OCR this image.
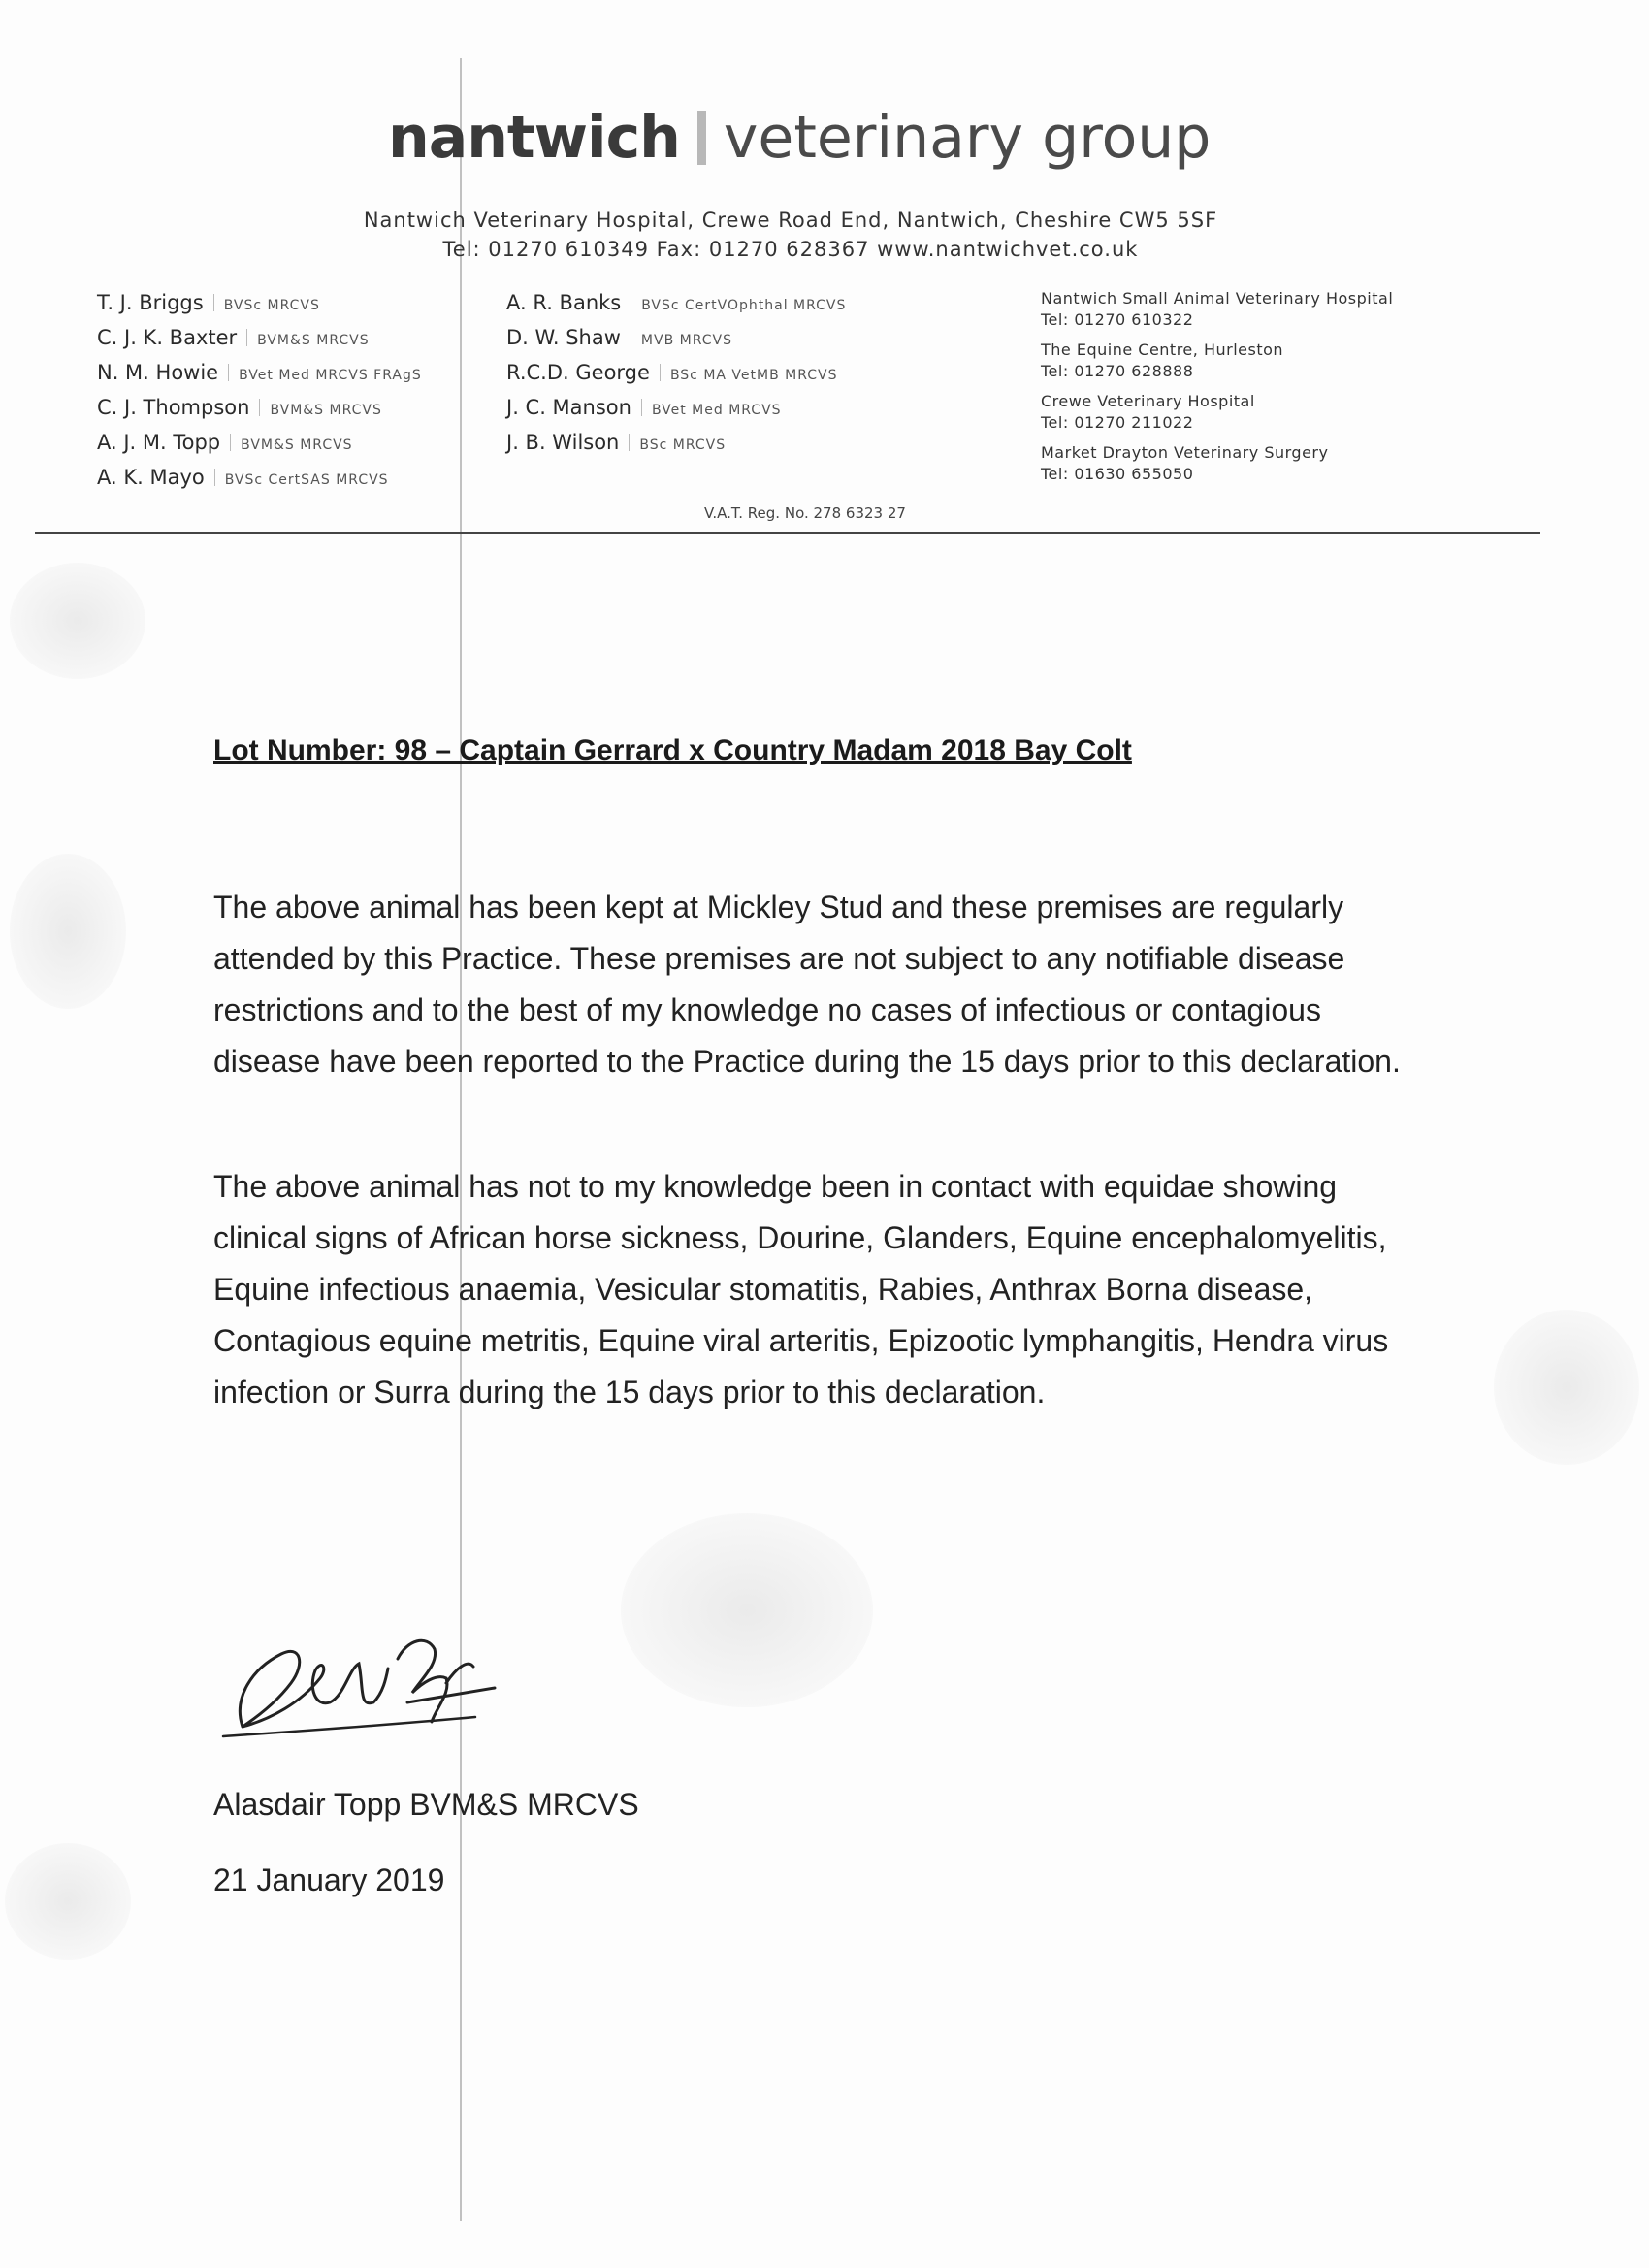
nantwich veterinary group
Nantwich Veterinary Hospital, Crewe Road End, Nantwich, Cheshire CW5 5SF
Tel: 01270 610349 Fax: 01270 628367 www.nantwichvet.co.uk
T. J. Briggs BVSc MRCVS
C. J. K. Baxter BVM&S MRCVS
N. M. Howie BVet Med MRCVS FRAgS
C. J. Thompson BVM&S MRCVS
A. J. M. Topp BVM&S MRCVS
A. K. Mayo BVSc CertSAS MRCVS
A. R. Banks BVSc CertVOphthal MRCVS
D. W. Shaw MVB MRCVS
R.C.D. George BSc MA VetMB MRCVS
J. C. Manson BVet Med MRCVS
J. B. Wilson BSc MRCVS
Nantwich Small Animal Veterinary Hospital
Tel: 01270 610322
The Equine Centre, Hurleston
Tel: 01270 628888
Crewe Veterinary Hospital
Tel: 01270 211022
Market Drayton Veterinary Surgery
Tel: 01630 655050
V.A.T. Reg. No. 278 6323 27
Lot Number: 98 – Captain Gerrard x Country Madam 2018 Bay Colt
The above animal has been kept at Mickley Stud and these premises are regularly attended by this Practice. These premises are not subject to any notifiable disease restrictions and to the best of my knowledge no cases of infectious or contagious disease have been reported to the Practice during the 15 days prior to this declaration.
The above animal has not to my knowledge been in contact with equidae showing clinical signs of African horse sickness, Dourine, Glanders, Equine encephalomyelitis, Equine infectious anaemia, Vesicular stomatitis, Rabies, Anthrax Borna disease, Contagious equine metritis, Equine viral arteritis, Epizootic lymphangitis, Hendra virus infection or Surra during the 15 days prior to this declaration.
Alasdair Topp BVM&S MRCVS
21 January 2019
